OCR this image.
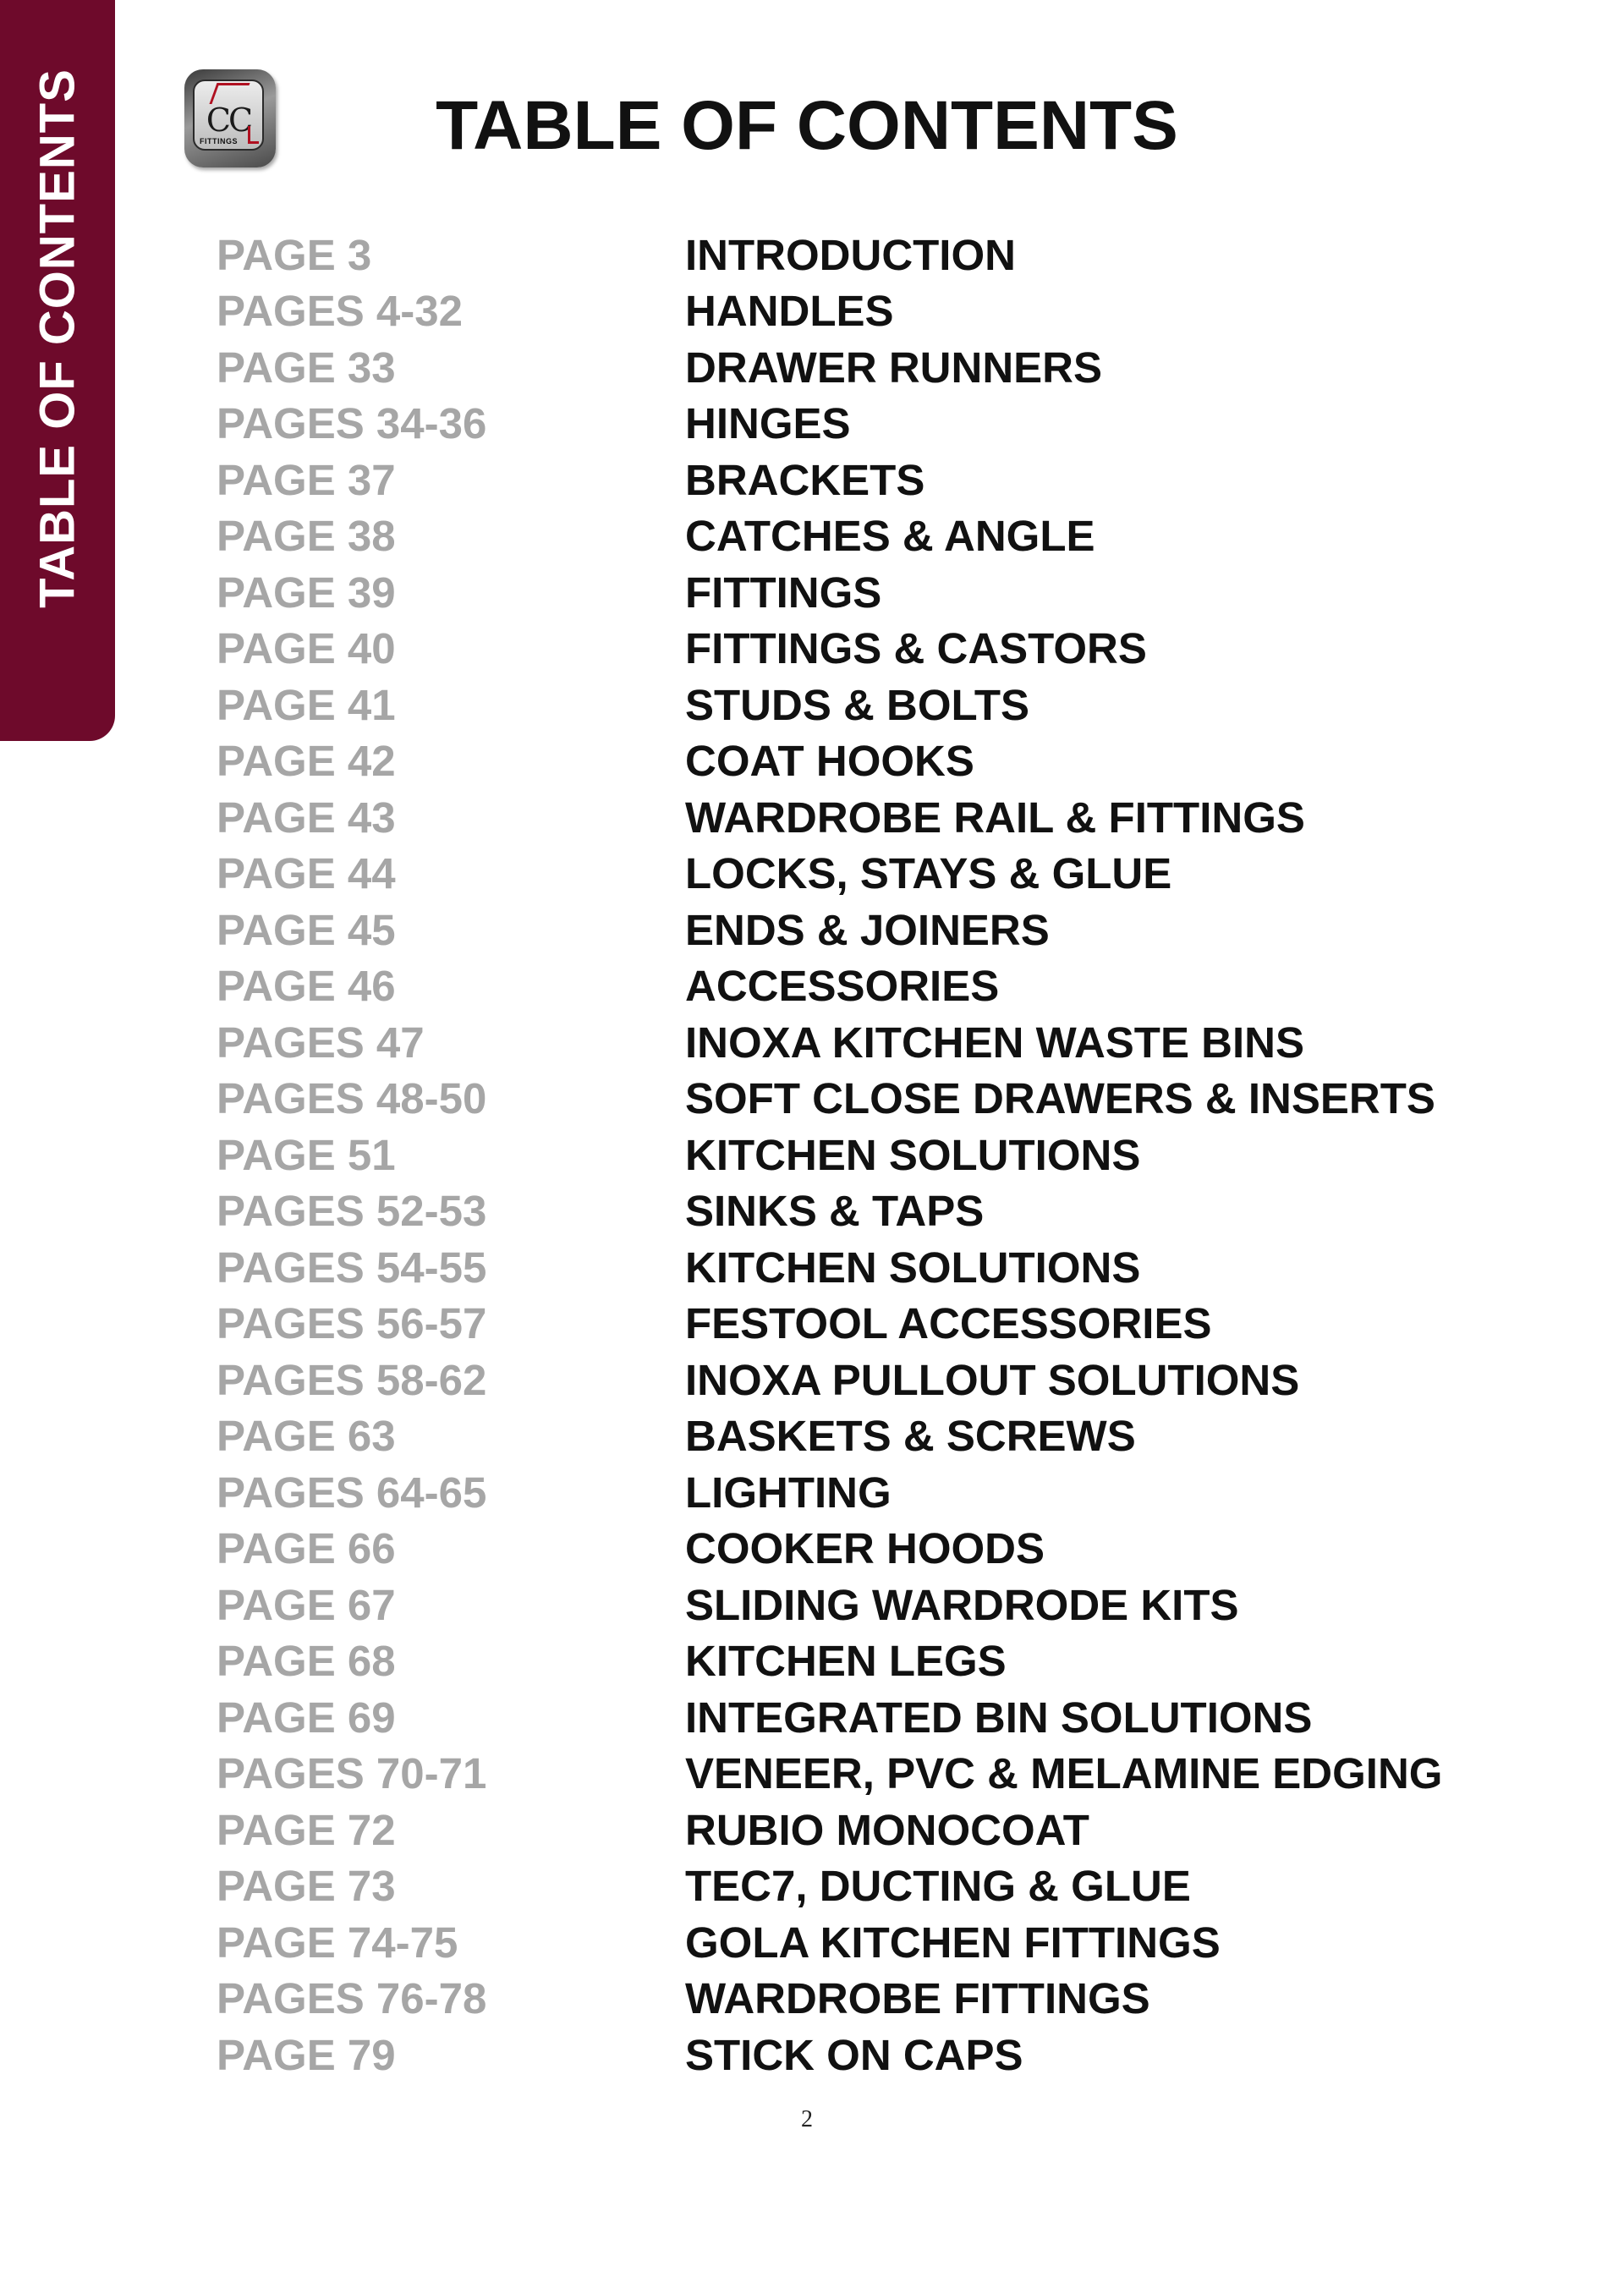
TABLE OF CONTENTS	CC
FITTINGS	TABLE OF CONTENTS
PAGE 3	INTRODUCTION
PAGES 4-32	HANDLES
PAGE 33	DRAWER RUNNERS
PAGES 34-36	HINGES
PAGE 37	BRACKETS
PAGE 38	CATCHES & ANGLE
PAGE 39	FITTINGS
PAGE 40	FITTINGS & CASTORS
PAGE 41	STUDS & BOLTS
PAGE 42	COAT HOOKS
PAGE 43	WARDROBE RAIL & FITTINGS
PAGE 44	LOCKS, STAYS & GLUE
PAGE 45	ENDS & JOINERS
PAGE 46	ACCESSORIES
PAGES 47	INOXA KITCHEN WASTE BINS
PAGES 48-50	SOFT CLOSE DRAWERS & INSERTS
PAGE 51	KITCHEN SOLUTIONS
PAGES 52-53	SINKS & TAPS
PAGES 54-55	KITCHEN SOLUTIONS
PAGES 56-57	FESTOOL ACCESSORIES
PAGES 58-62	INOXA PULLOUT SOLUTIONS
PAGE 63	BASKETS & SCREWS
PAGES 64-65	LIGHTING
PAGE 66	COOKER HOODS
PAGE 67	SLIDING WARDRODE KITS
PAGE 68	KITCHEN LEGS
PAGE 69	INTEGRATED BIN SOLUTIONS
PAGES 70-71	VENEER, PVC & MELAMINE EDGING
PAGE 72	RUBIO MONOCOAT
PAGE 73	TEC7, DUCTING & GLUE
PAGE 74-75	GOLA KITCHEN FITTINGS
PAGES 76-78	WARDROBE FITTINGS
PAGE 79	STICK ON CAPS
2
